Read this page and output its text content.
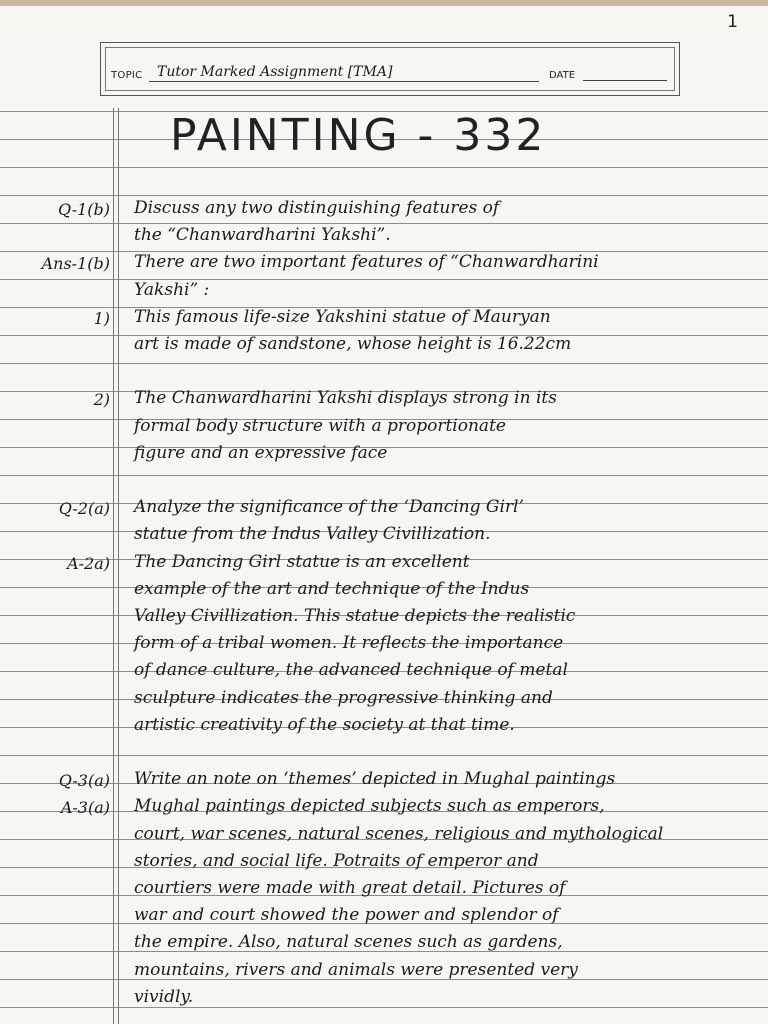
1
TOPIC	Tutor Marked Assignment [TMA]	DATE
PAINTING - 332
Q-1(b) Discuss any two distinguishing features of
the “Chanwardharini Yakshi”.
Ans-1(b) There are two important features of “Chanwardharini
Yakshi” :
1) This famous life-size Yakshini statue of Mauryan
art is made of sandstone, whose height is 16.22cm
2) The Chanwardharini Yakshi displays strong in its
formal body structure with a proportionate
figure and an expressive face
Q-2(a) Analyze the significance of the ‘Dancing Girl’
statue from the Indus Valley Civillization.
A-2a) The Dancing Girl statue is an excellent
example of the art and technique of the Indus
Valley Civillization. This statue depicts the realistic
form of a tribal women. It reflects the importance
of dance culture, the advanced technique of metal
sculpture indicates the progressive thinking and
artistic creativity of the society at that time.
Q-3(a) Write an note on ‘themes’ depicted in Mughal paintings
A-3(a) Mughal paintings depicted subjects such as emperors,
court, war scenes, natural scenes, religious and mythological
stories, and social life. Potraits of emperor and
courtiers were made with great detail. Pictures of
war and court showed the power and splendor of
the empire. Also, natural scenes such as gardens,
mountains, rivers and animals were presented very
vividly.
